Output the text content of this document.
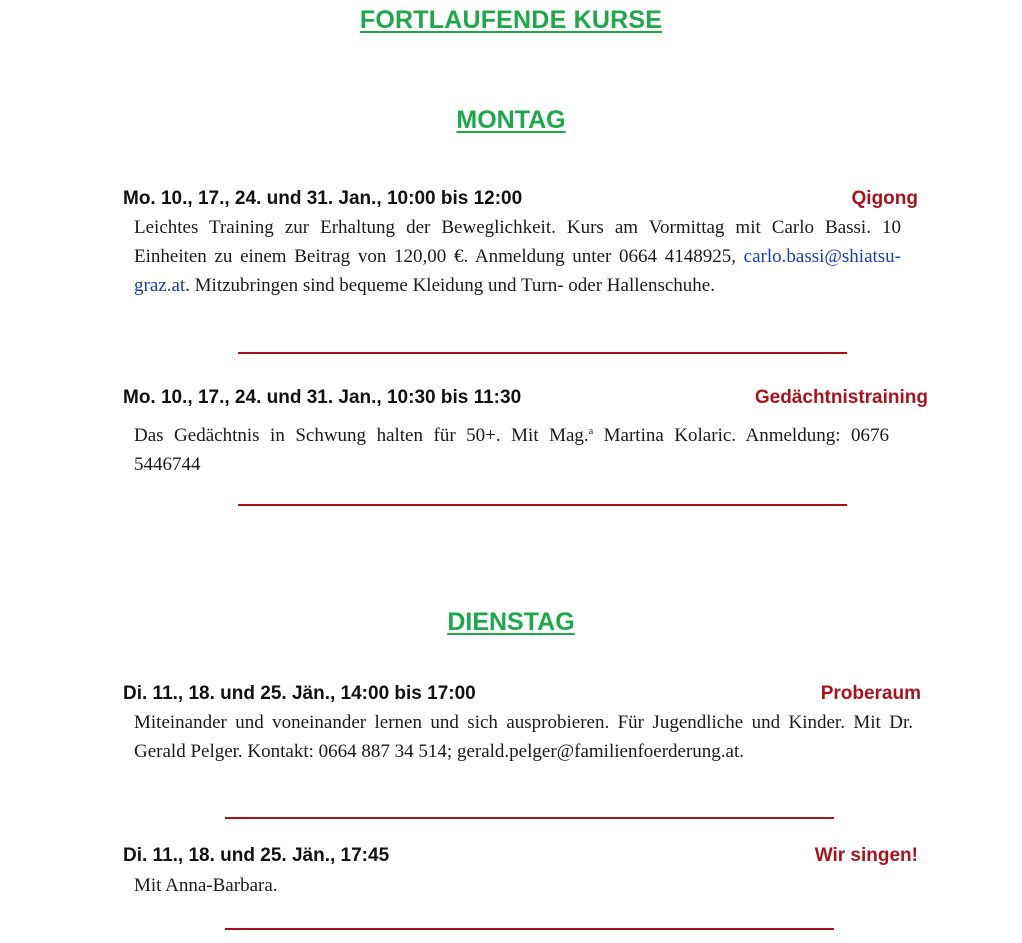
FORTLAUFENDE KURSE
MONTAG
Mo. 10., 17., 24. und 31. Jan., 10:00 bis 12:00	Qigong

Leichtes Training zur Erhaltung der Beweglichkeit. Kurs am Vormittag mit Carlo Bassi. 10 Einheiten zu einem Beitrag von 120,00 €. Anmeldung unter 0664 4148925, carlo.bassi@shiatsu-graz.at. Mitzubringen sind bequeme Kleidung und Turn- oder Hallenschuhe.

Mo. 10., 17., 24. und 31. Jan., 10:30 bis 11:30	Gedächtnistraining

Das Gedächtnis in Schwung halten für 50+. Mit Mag.$^a$ Martina Kolaric. Anmeldung: 0676 5446744

DIENSTAG
Di. 11., 18. und 25. Jän., 14:00 bis 17:00	Proberaum

Miteinander und voneinander lernen und sich ausprobieren. Für Jugendliche und Kinder. Mit Dr. Gerald Pelger. Kontakt: 0664 887 34 514; gerald.pelger@familienfoerderung.at.

Di. 11., 18. und 25. Jän., 17:45	Wir singen!

Mit Anna-Barbara.
